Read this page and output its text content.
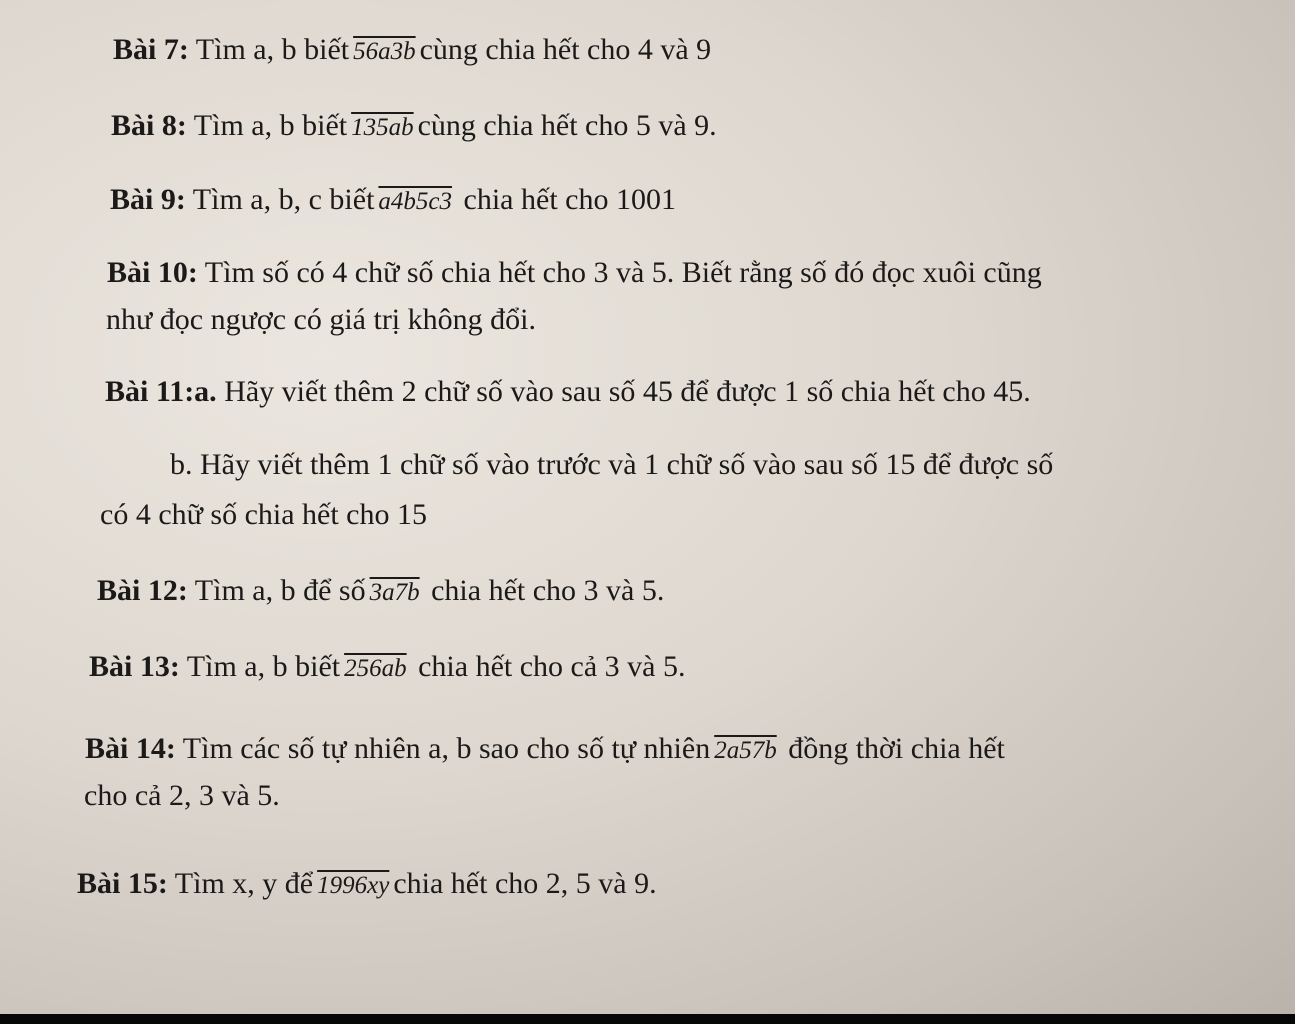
Bài 7: Tìm a, b biết 56a3b cùng chia hết cho 4 và 9
Bài 8: Tìm a, b biết 135ab cùng chia hết cho 5 và 9.
Bài 9: Tìm a, b, c biết a4b5c3 chia hết cho 1001
Bài 10: Tìm số có 4 chữ số chia hết cho 3 và 5. Biết rằng số đó đọc xuôi cũng
như đọc ngược có giá trị không đổi.
Bài 11:a. Hãy viết thêm 2 chữ số vào sau số 45 để được 1 số chia hết cho 45.
b. Hãy viết thêm 1 chữ số vào trước và 1 chữ số vào sau số 15 để được số
có 4 chữ số chia hết cho 15
Bài 12: Tìm a, b để số 3a7b chia hết cho 3 và 5.
Bài 13: Tìm a, b biết 256ab chia hết cho cả 3 và 5.
Bài 14: Tìm các số tự nhiên a, b sao cho số tự nhiên 2a57b đồng thời chia hết
cho cả 2, 3 và 5.
Bài 15: Tìm x, y để 1996xy chia hết cho 2, 5 và 9.
